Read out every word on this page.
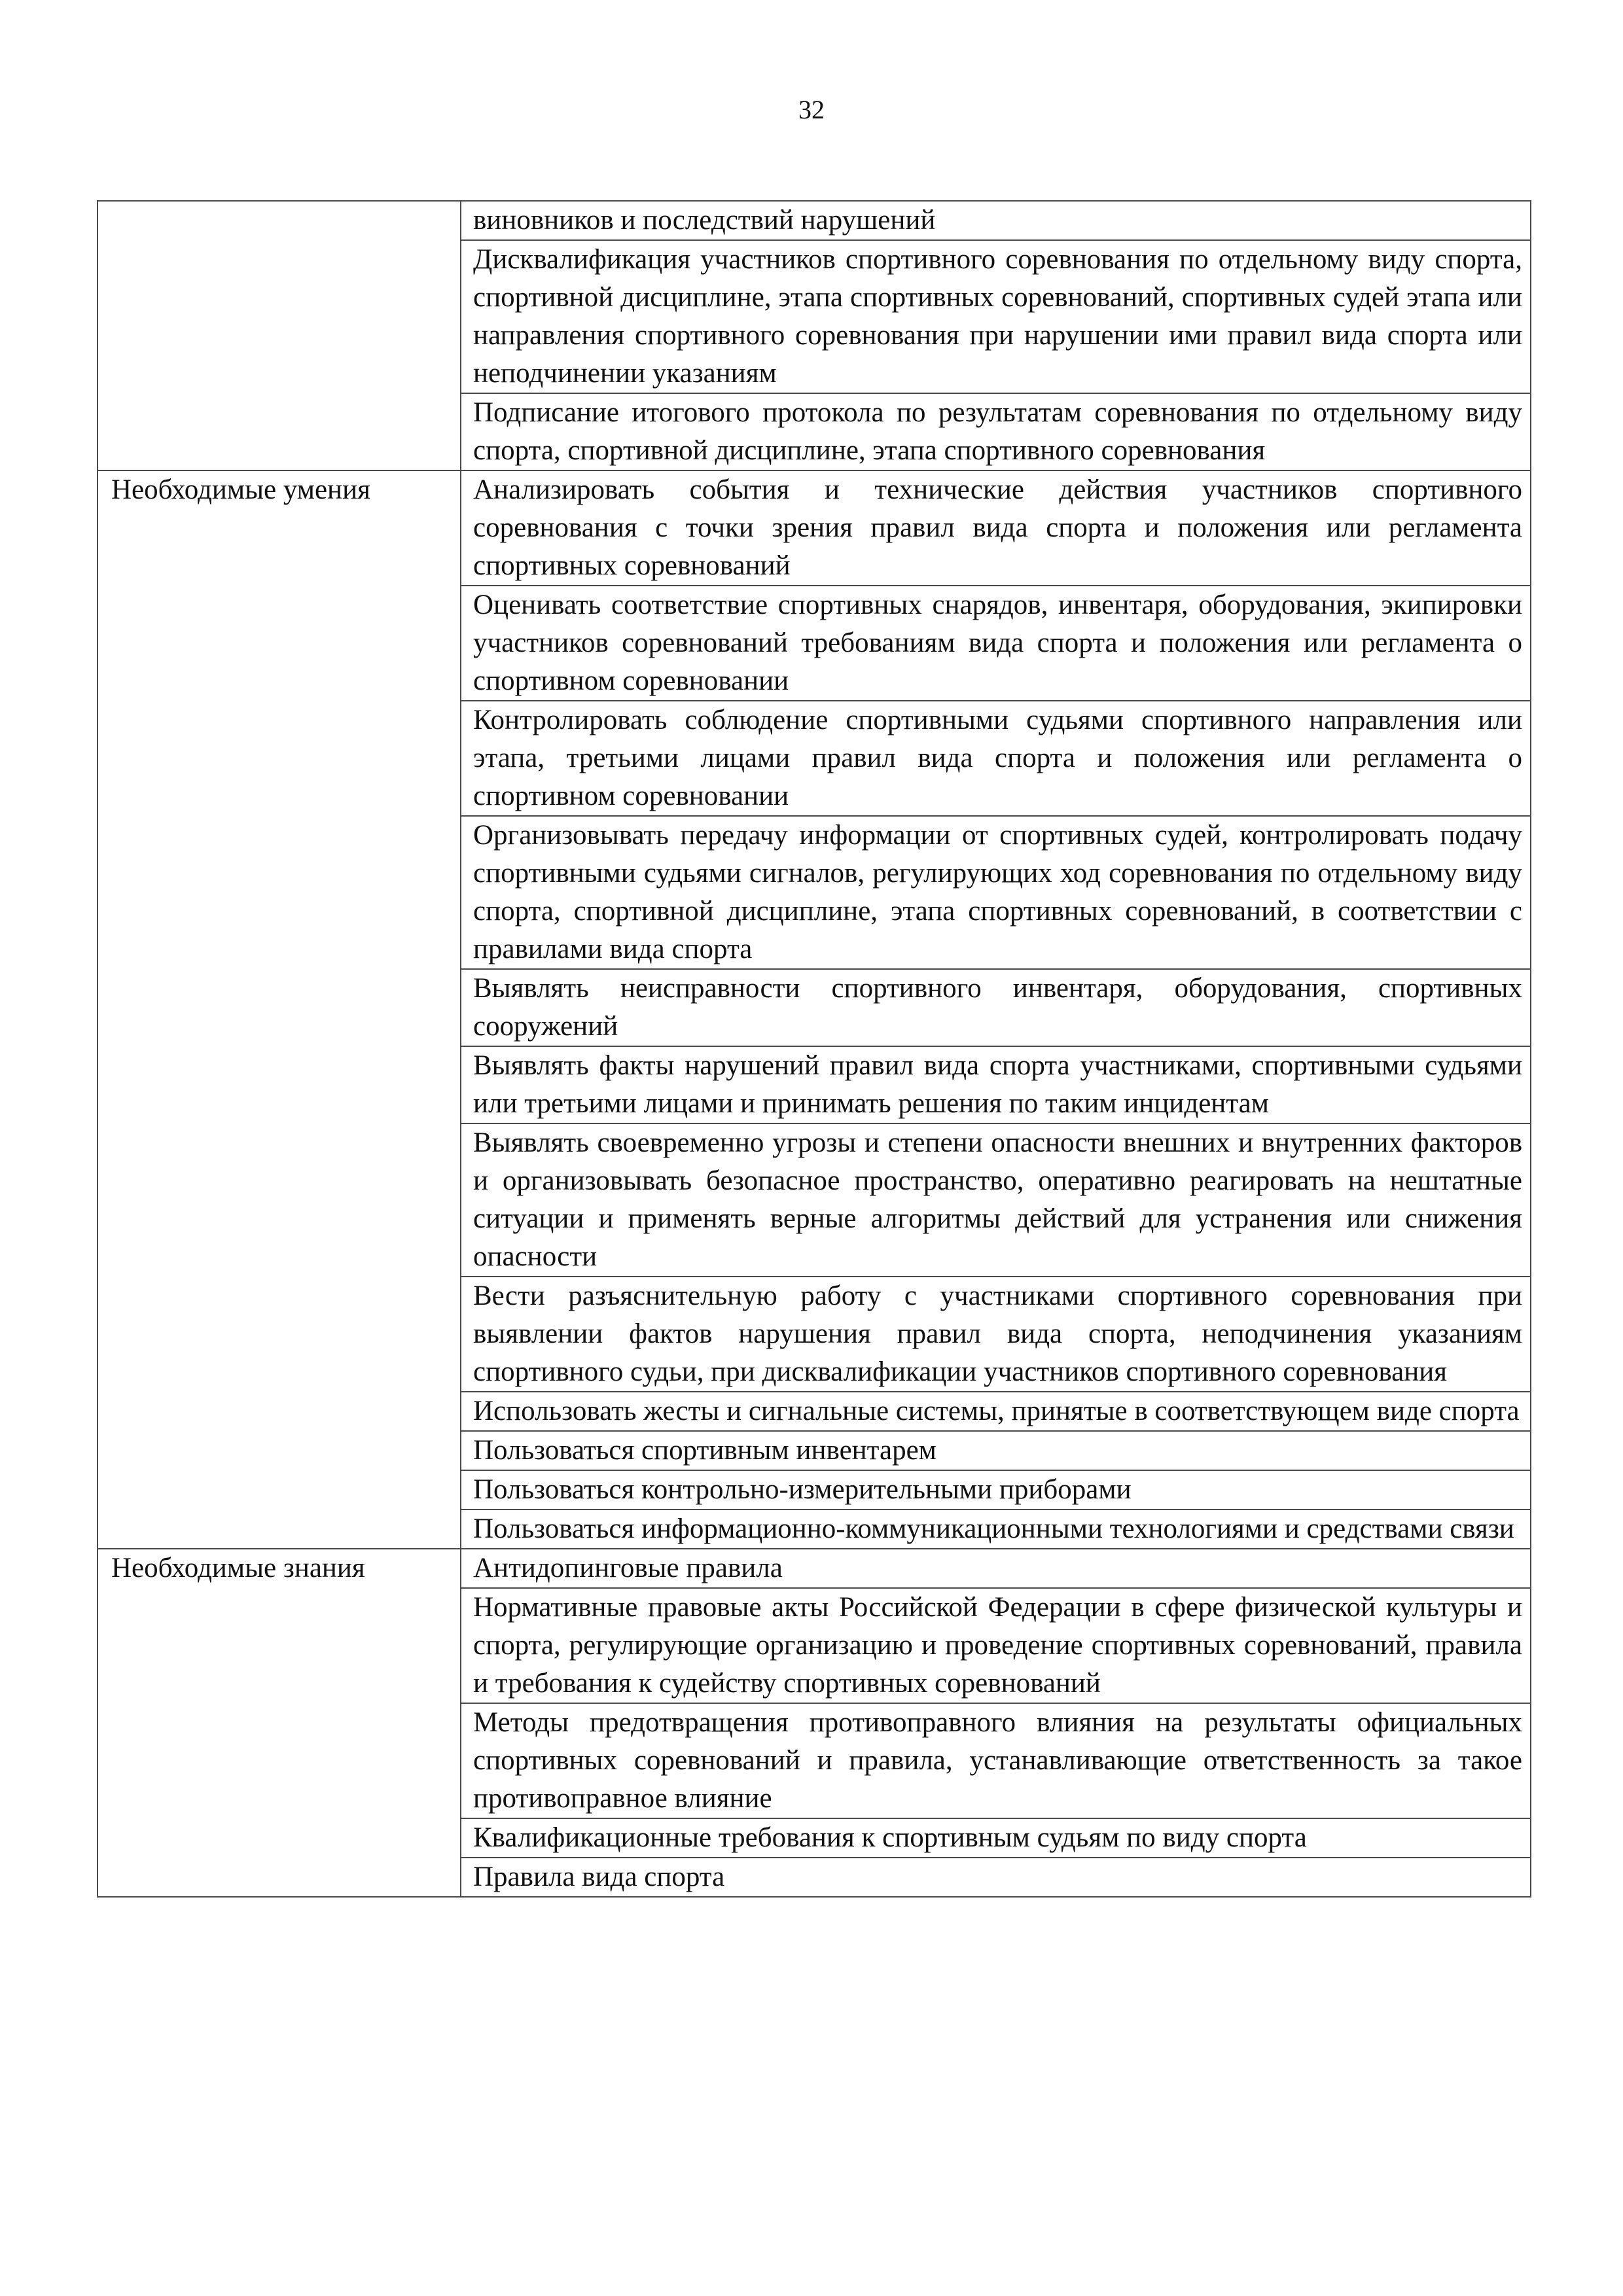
32
	виновников и последствий нарушений
	Дисквалификация участников спортивного соревнования по отдельному виду спорта, спортивной дисциплине, этапа спортивных соревнований, спортивных судей этапа или направления спортивного соревнования при нарушении ими правил вида спорта или неподчинении указаниям
	Подписание итогового протокола по результатам соревнования по отдельному виду спорта, спортивной дисциплине, этапа спортивного соревнования
Необходимые умения	Анализировать события и технические действия участников спортивного соревнования с точки зрения правил вида спорта и положения или регламента спортивных соревнований
	Оценивать соответствие спортивных снарядов, инвентаря, оборудования, экипировки участников соревнований требованиям вида спорта и положения или регламента о спортивном соревновании
	Контролировать соблюдение спортивными судьями спортивного направления или этапа, третьими лицами правил вида спорта и положения или регламента о спортивном соревновании
	Организовывать передачу информации от спортивных судей, контролировать подачу спортивными судьями сигналов, регулирующих ход соревнования по отдельному виду спорта, спортивной дисциплине, этапа спортивных соревнований, в соответствии с правилами вида спорта
	Выявлять неисправности спортивного инвентаря, оборудования, спортивных сооружений
	Выявлять факты нарушений правил вида спорта участниками, спортивными судьями или третьими лицами и принимать решения по таким инцидентам
	Выявлять своевременно угрозы и степени опасности внешних и внутренних факторов и организовывать безопасное пространство, оперативно реагировать на нештатные ситуации и применять верные алгоритмы действий для устранения или снижения опасности
	Вести разъяснительную работу с участниками спортивного соревнования при выявлении фактов нарушения правил вида спорта, неподчинения указаниям спортивного судьи, при дисквалификации участников спортивного соревнования
	Использовать жесты и сигнальные системы, принятые в соответствующем виде спорта
	Пользоваться спортивным инвентарем
	Пользоваться контрольно-измерительными приборами
	Пользоваться информационно-коммуникационными технологиями и средствами связи
Необходимые знания	Антидопинговые правила
	Нормативные правовые акты Российской Федерации в сфере физической культуры и спорта, регулирующие организацию и проведение спортивных соревнований, правила и требования к судейству спортивных соревнований
	Методы предотвращения противоправного влияния на результаты официальных спортивных соревнований и правила, устанавливающие ответственность за такое противоправное влияние
	Квалификационные требования к спортивным судьям по виду спорта
	Правила вида спорта
